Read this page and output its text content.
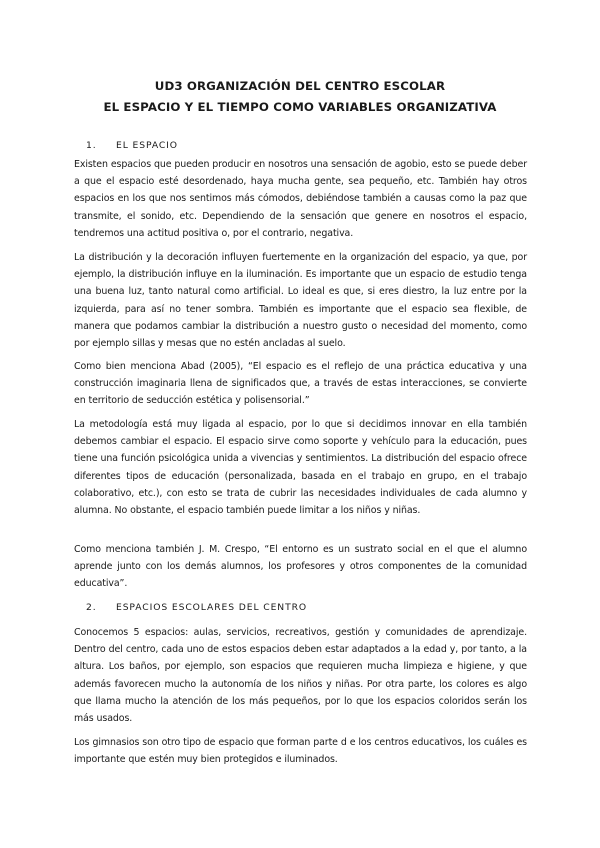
UD3 ORGANIZACIÓN DEL CENTRO ESCOLAR

EL ESPACIO Y EL TIEMPO COMO VARIABLES ORGANIZATIVA

1. EL ESPACIO

Existen espacios que pueden producir en nosotros una sensación de agobio, esto se puede deber a que el espacio esté desordenado, haya mucha gente, sea pequeño, etc. También hay otros espacios en los que nos sentimos más cómodos, debiéndose también a causas como la paz que transmite, el sonido, etc. Dependiendo de la sensación que genere en nosotros el espacio, tendremos una actitud positiva o, por el contrario, negativa.

La distribución y la decoración influyen fuertemente en la organización del espacio, ya que, por ejemplo, la distribución influye en la iluminación. Es importante que un espacio de estudio tenga una buena luz, tanto natural como artificial. Lo ideal es que, si eres diestro, la luz entre por la izquierda, para así no tener sombra. También es importante que el espacio sea flexible, de manera que podamos cambiar la distribución a nuestro gusto o necesidad del momento, como por ejemplo sillas y mesas que no estén ancladas al suelo.

Como bien menciona Abad (2005), “El espacio es el reflejo de una práctica educativa y una construcción imaginaria llena de significados que, a través de estas interacciones, se convierte en territorio de seducción estética y polisensorial.”

La metodología está muy ligada al espacio, por lo que si decidimos innovar en ella también debemos cambiar el espacio. El espacio sirve como soporte y vehículo para la educación, pues tiene una función psicológica unida a vivencias y sentimientos. La distribución del espacio ofrece diferentes tipos de educación (personalizada, basada en el trabajo en grupo, en el trabajo colaborativo, etc.), con esto se trata de cubrir las necesidades individuales de cada alumno y alumna. No obstante, el espacio también puede limitar a los niños y niñas.

Como menciona también J. M. Crespo, “El entorno es un sustrato social en el que el alumno aprende junto con los demás alumnos, los profesores y otros componentes de la comunidad educativa”.

2. ESPACIOS ESCOLARES DEL CENTRO

Conocemos 5 espacios: aulas, servicios, recreativos, gestión y comunidades de aprendizaje. Dentro del centro, cada uno de estos espacios deben estar adaptados a la edad y, por tanto, a la altura. Los baños, por ejemplo, son espacios que requieren mucha limpieza e higiene, y que además favorecen mucho la autonomía de los niños y niñas. Por otra parte, los colores es algo que llama mucho la atención de los más pequeños, por lo que los espacios coloridos serán los más usados.

Los gimnasios son otro tipo de espacio que forman parte d e los centros educativos, los cuáles es importante que estén muy bien protegidos e iluminados.
